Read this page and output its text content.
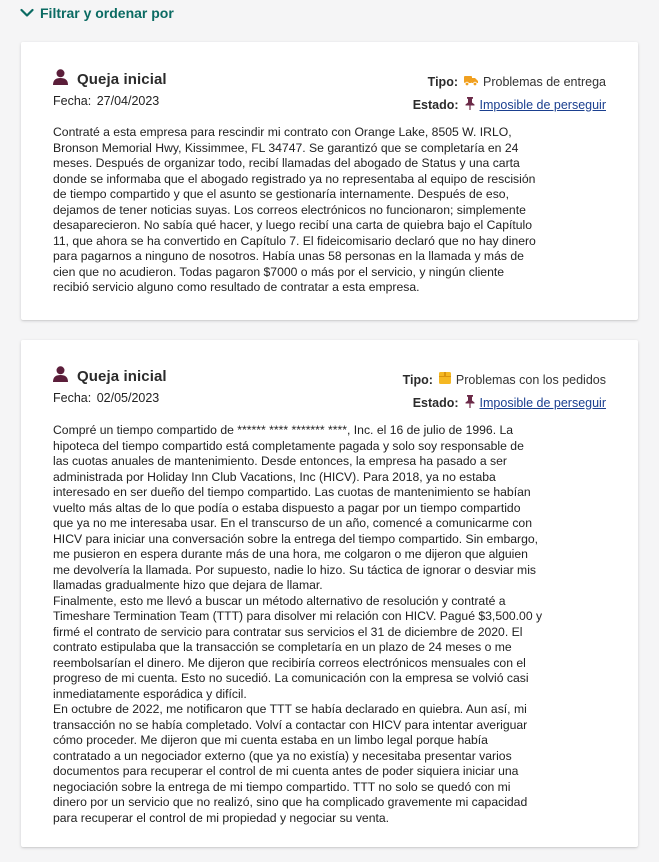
Filtrar y ordenar por
Queja inicial
Fecha: 27/04/2023
Tipo: Problemas de entrega
Estado: Imposible de perseguir
Contraté a esta empresa para rescindir mi contrato con Orange Lake, 8505 W. IRLO,
Bronson Memorial Hwy, Kissimmee, FL 34747. Se garantizó que se completaría en 24
meses. Después de organizar todo, recibí llamadas del abogado de Status y una carta
donde se informaba que el abogado registrado ya no representaba al equipo de rescisión
de tiempo compartido y que el asunto se gestionaría internamente. Después de eso,
dejamos de tener noticias suyas. Los correos electrónicos no funcionaron; simplemente
desaparecieron. No sabía qué hacer, y luego recibí una carta de quiebra bajo el Capítulo
11, que ahora se ha convertido en Capítulo 7. El fideicomisario declaró que no hay dinero
para pagarnos a ninguno de nosotros. Había unas 58 personas en la llamada y más de
cien que no acudieron. Todas pagaron $7000 o más por el servicio, y ningún cliente
recibió servicio alguno como resultado de contratar a esta empresa.
Queja inicial
Fecha: 02/05/2023
Tipo: Problemas con los pedidos
Estado: Imposible de perseguir
Compré un tiempo compartido de ****** **** ******* ****, Inc. el 16 de julio de 1996. La
hipoteca del tiempo compartido está completamente pagada y solo soy responsable de
las cuotas anuales de mantenimiento. Desde entonces, la empresa ha pasado a ser
administrada por Holiday Inn Club Vacations, Inc (HICV). Para 2018, ya no estaba
interesado en ser dueño del tiempo compartido. Las cuotas de mantenimiento se habían
vuelto más altas de lo que podía o estaba dispuesto a pagar por un tiempo compartido
que ya no me interesaba usar. En el transcurso de un año, comencé a comunicarme con
HICV para iniciar una conversación sobre la entrega del tiempo compartido. Sin embargo,
me pusieron en espera durante más de una hora, me colgaron o me dijeron que alguien
me devolvería la llamada. Por supuesto, nadie lo hizo. Su táctica de ignorar o desviar mis
llamadas gradualmente hizo que dejara de llamar.
Finalmente, esto me llevó a buscar un método alternativo de resolución y contraté a
Timeshare Termination Team (TTT) para disolver mi relación con HICV. Pagué $3,500.00 y
firmé el contrato de servicio para contratar sus servicios el 31 de diciembre de 2020. El
contrato estipulaba que la transacción se completaría en un plazo de 24 meses o me
reembolsarían el dinero. Me dijeron que recibiría correos electrónicos mensuales con el
progreso de mi cuenta. Esto no sucedió. La comunicación con la empresa se volvió casi
inmediatamente esporádica y difícil.
En octubre de 2022, me notificaron que TTT se había declarado en quiebra. Aun así, mi
transacción no se había completado. Volví a contactar con HICV para intentar averiguar
cómo proceder. Me dijeron que mi cuenta estaba en un limbo legal porque había
contratado a un negociador externo (que ya no existía) y necesitaba presentar varios
documentos para recuperar el control de mi cuenta antes de poder siquiera iniciar una
negociación sobre la entrega de mi tiempo compartido. TTT no solo se quedó con mi
dinero por un servicio que no realizó, sino que ha complicado gravemente mi capacidad
para recuperar el control de mi propiedad y negociar su venta.
